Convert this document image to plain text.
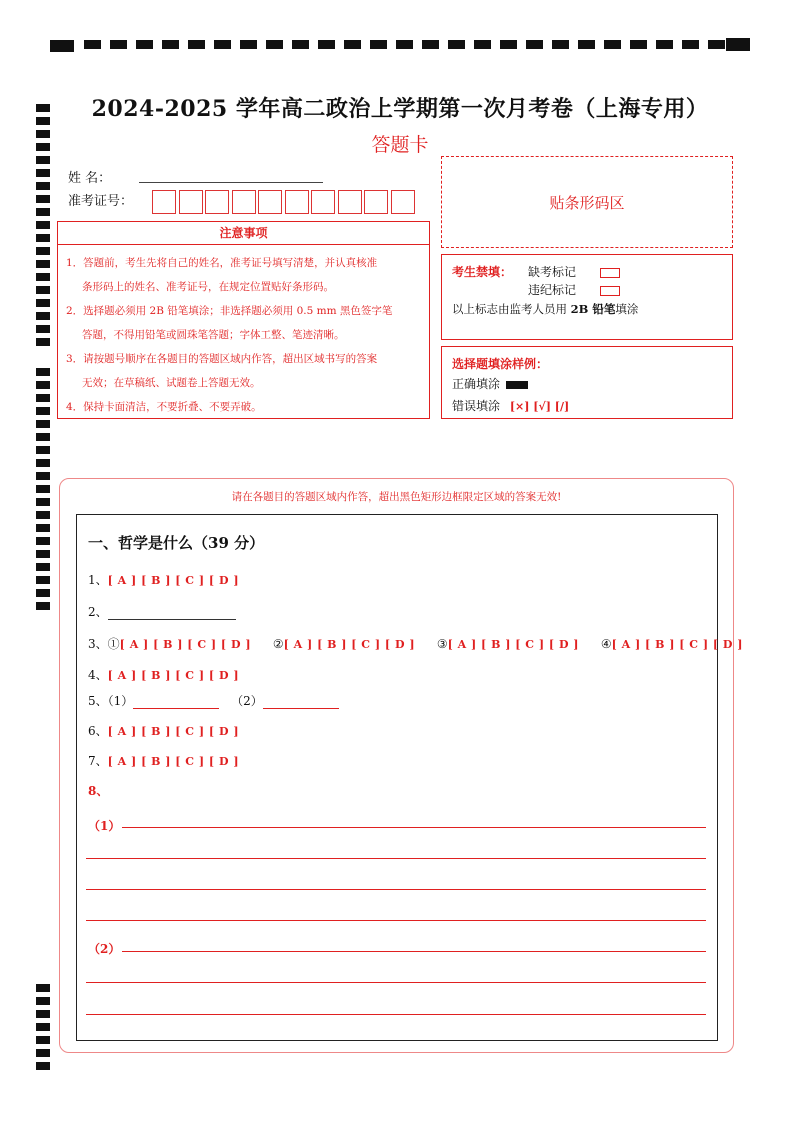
2024-2025 学年高二政治上学期第一次月考卷（上海专用）
答题卡
姓 名：
准考证号：	贴条形码区
注意事项
1．答题前，考生先将自己的姓名，准考证号填写清楚，并认真核准
条形码上的姓名、准考证号，在规定位置贴好条形码。
2．选择题必须用 2B 铅笔填涂；非选择题必须用 0.5 mm 黑色签字笔
答题，不得用铅笔或圆珠笔答题；字体工整、笔迹清晰。
3．请按题号顺序在各题目的答题区域内作答，超出区域书写的答案
无效；在草稿纸、试题卷上答题无效。
4．保持卡面清洁，不要折叠、不要弄破。
考生禁填： 缺考标记
违纪标记
以上标志由监考人员用 2B 铅笔填涂
选择题填涂样例：
正确填涂
错误填涂 [×] [√] [/]
请在各题目的答题区域内作答，超出黑色矩形边框限定区域的答案无效!
一、哲学是什么（39 分）
1、[ A ] [ B ] [ C ] [ D ]
2、
3、①[ A ] [ B ] [ C ] [ D ] ②[ A ] [ B ] [ C ] [ D ] ③[ A ] [ B ] [ C ] [ D ] ④[ A ] [ B ] [ C ] [ D ]
4、[ A ] [ B ] [ C ] [ D ]
5、（1）	（2）
6、[ A ] [ B ] [ C ] [ D ]
7、[ A ] [ B ] [ C ] [ D ]
8、
（1）
（2）
